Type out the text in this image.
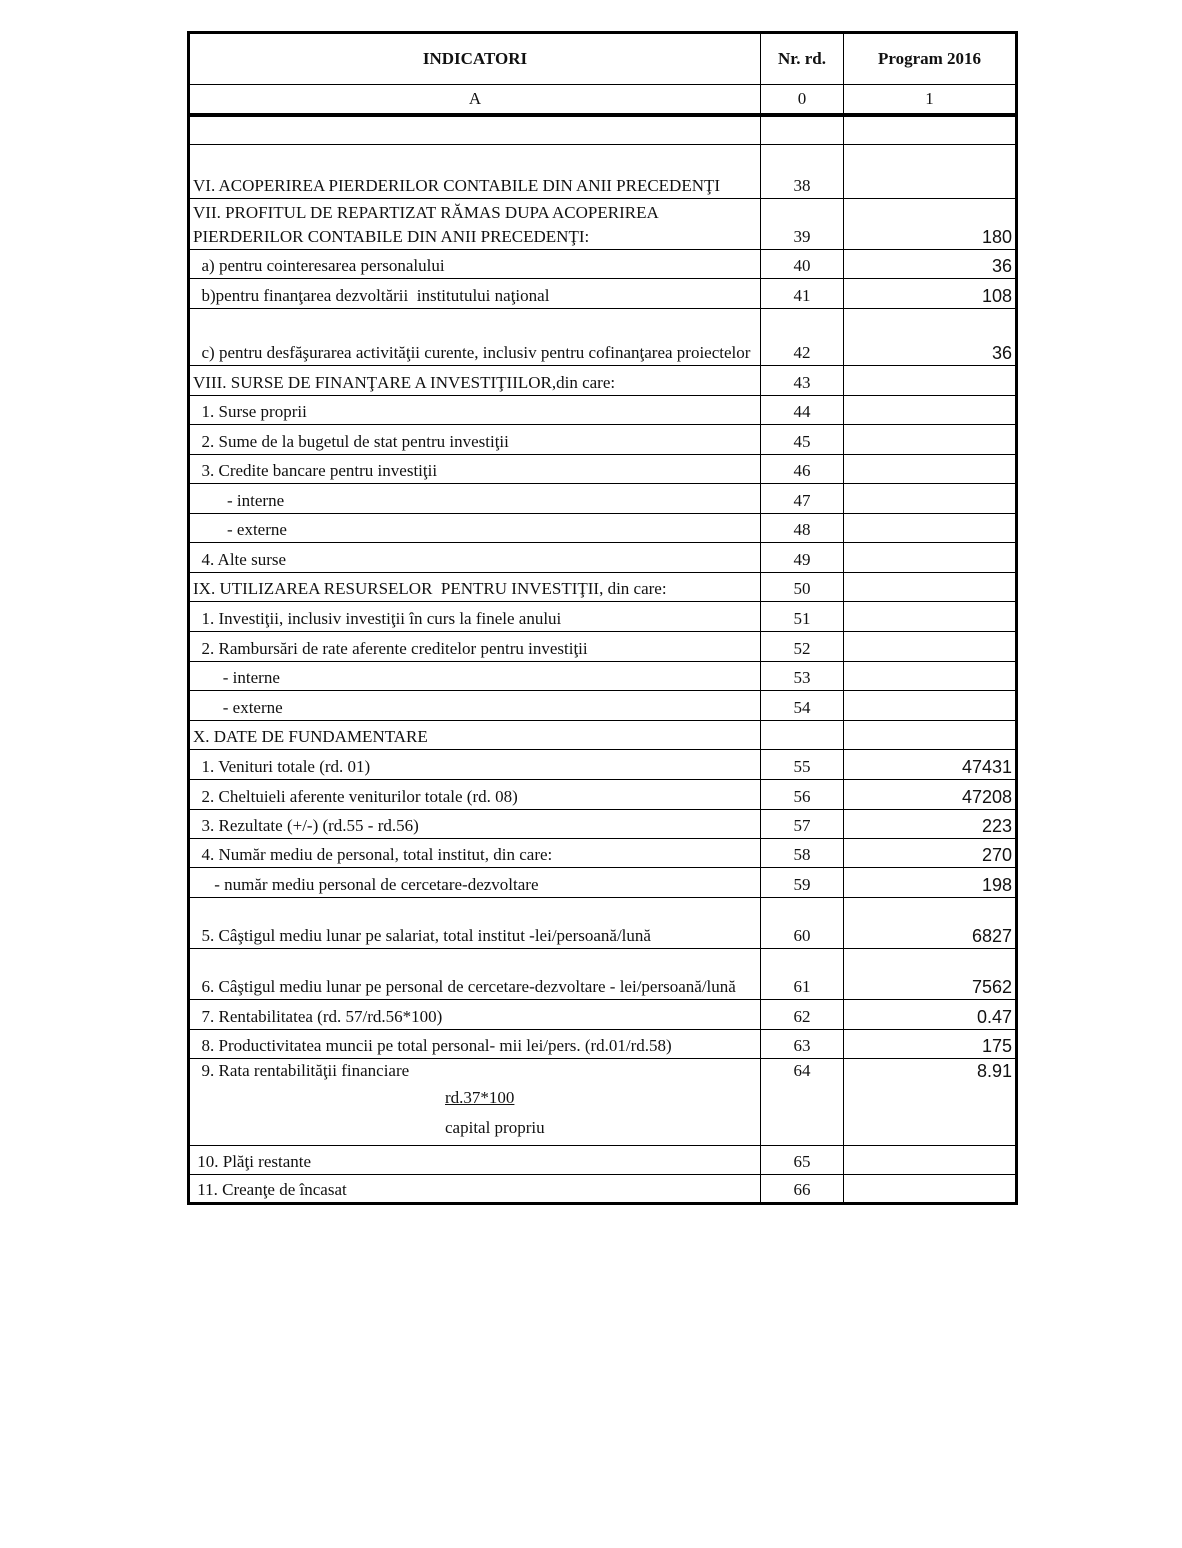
INDICATORI	Nr. rd.	Program 2016
A	0	1

VI. ACOPERIREA PIERDERILOR CONTABILE DIN ANII PRECEDENŢI	38	
VII. PROFITUL DE REPARTIZAT RĂMAS DUPA ACOPERIREA PIERDERILOR CONTABILE DIN ANII PRECEDENŢI:	39	180
a) pentru cointeresarea personalului	40	36
b)pentru finanţarea dezvoltării  institutului naţional	41	108
c) pentru desfăşurarea activităţii curente, inclusiv pentru cofinanţarea proiectelor	42	36
VIII. SURSE DE FINANŢARE A INVESTIŢIILOR,din care:	43	
1. Surse proprii	44	
2. Sume de la bugetul de stat pentru investiţii	45	
3. Credite bancare pentru investiţii	46	
- interne	47	
- externe	48	
4. Alte surse	49	
IX. UTILIZAREA RESURSELOR  PENTRU INVESTIŢII, din care:	50	
1. Investiţii, inclusiv investiţii în curs la finele anului	51	
2. Rambursări de rate aferente creditelor pentru investiţii	52	
- interne	53	
- externe	54	
X. DATE DE FUNDAMENTARE		
1. Venituri totale (rd. 01)	55	47431
2. Cheltuieli aferente veniturilor totale (rd. 08)	56	47208
3. Rezultate (+/-) (rd.55 - rd.56)	57	223
4. Număr mediu de personal, total institut, din care:	58	270
- număr mediu personal de cercetare-dezvoltare	59	198
5. Câştigul mediu lunar pe salariat, total institut -lei/persoană/lună	60	6827
6. Câştigul mediu lunar pe personal de cercetare-dezvoltare - lei/persoană/lună	61	7562
7. Rentabilitatea (rd. 57/rd.56*100)	62	0.47
8. Productivitatea muncii pe total personal- mii lei/pers. (rd.01/rd.58)	63	175

9. Rata rentabilităţii financiare
rd.37*100
capital propriu	64	8.91
10. Plăţi restante	65	
11. Creanţe de încasat	66	
